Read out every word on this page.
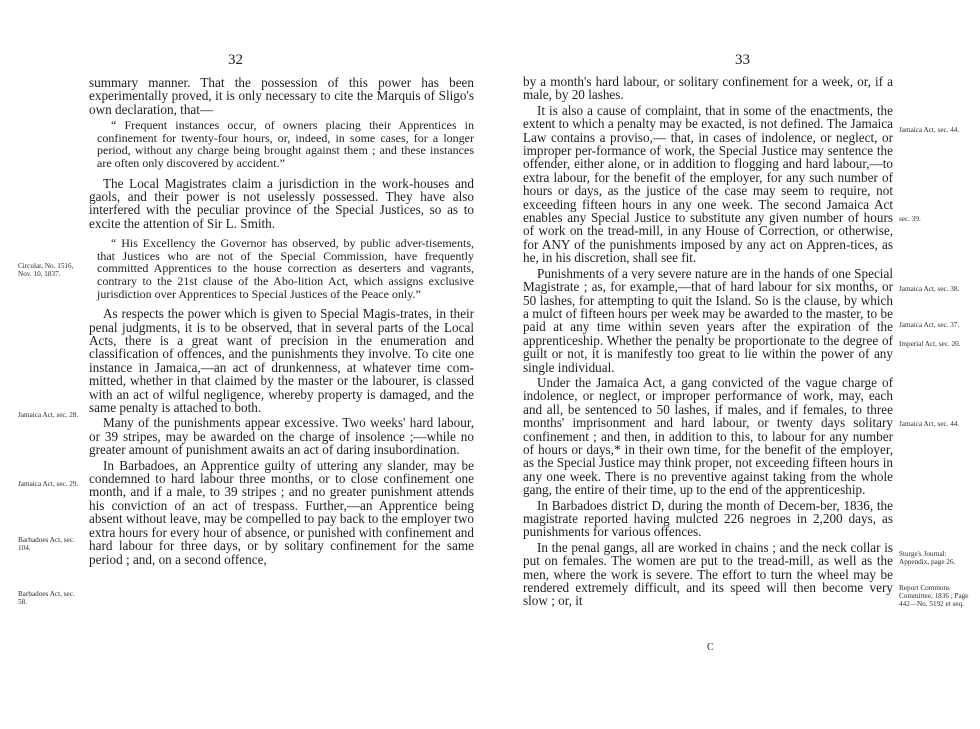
32

summary manner. That the possession of this power has been experimentally proved, it is only necessary to cite the Marquis of Sligo's own declaration, that—

“ Frequent instances occur, of owners placing their Apprentices in confinement for twenty-four hours, or, indeed, in some cases, for a longer period, without any charge being brought against them ; and these instances are often only discovered by accident.”

The Local Magistrates claim a jurisdiction in the work-houses and gaols, and their power is not uselessly possessed. They have also interfered with the peculiar province of the Special Justices, so as to excite the attention of Sir L. Smith.

“ His Excellency the Governor has observed, by public adver-tisements, that Justices who are not of the Special Commission, have frequently committed Apprentices to the house correction as deserters and vagrants, contrary to the 21st clause of the Abo-lition Act, which assigns exclusive jurisdiction over Apprentices to Special Justices of the Peace only.”

As respects the power which is given to Special Magis-trates, in their penal judgments, it is to be observed, that in several parts of the Local Acts, there is a great want of precision in the enumeration and classification of offences, and the punishments they involve. To cite one instance in Jamaica,—an act of drunkenness, at whatever time com-mitted, whether in that claimed by the master or the labourer, is classed with an act of wilful negligence, whereby property is damaged, and the same penalty is attached to both.

Many of the punishments appear excessive. Two weeks' hard labour, or 39 stripes, may be awarded on the charge of insolence ;—while no greater amount of punishment awaits an act of daring insubordination.

In Barbadoes, an Apprentice guilty of uttering any slander, may be condemned to hard labour three months, or to close confinement one month, and if a male, to 39 stripes ; and no greater punishment attends his conviction of an act of trespass. Further,—an Apprentice being absent without leave, may be compelled to pay back to the employer two extra hours for every hour of absence, or punished with confinement and hard labour for three days, or by solitary confinement for the same period ; and, on a second offence,

Circular, No. 1516, Nov. 10, 1837.
Jamaica Act, sec. 28.
Jamaica Act, sec. 29.
Barbadoes Act, sec. 104.
Barbadoes Act, sec. 58.
33

by a month's hard labour, or solitary confinement for a week, or, if a male, by 20 lashes.

It is also a cause of complaint, that in some of the enactments, the extent to which a penalty may be exacted, is not defined. The Jamaica Law contains a proviso,— that, in cases of indolence, or neglect, or improper per-formance of work, the Special Justice may sentence the offender, either alone, or in addition to flogging and hard labour,—to extra labour, for the benefit of the employer, for any such number of hours or days, as the justice of the case may seem to require, not exceeding fifteen hours in any one week. The second Jamaica Act enables any Special Justice to substitute any given number of hours of work on the tread-mill, in any House of Correction, or otherwise, for ANY of the punishments imposed by any act on Appren-tices, as he, in his discretion, shall see fit.

Punishments of a very severe nature are in the hands of one Special Magistrate ; as, for example,—that of hard labour for six months, or 50 lashes, for attempting to quit the Island. So is the clause, by which a mulct of fifteen hours per week may be awarded to the master, to be paid at any time within seven years after the expiration of the apprenticeship. Whether the penalty be proportionate to the degree of guilt or not, it is manifestly too great to lie within the power of any single individual.

Under the Jamaica Act, a gang convicted of the vague charge of indolence, or neglect, or improper performance of work, may, each and all, be sentenced to 50 lashes, if males, and if females, to three months' imprisonment and hard labour, or twenty days solitary confinement ; and then, in addition to this, to labour for any number of hours or days,* in their own time, for the benefit of the employer, as the Special Justice may think proper, not exceeding fifteen hours in any one week. There is no preventive against taking from the whole gang, the entire of their time, up to the end of the apprenticeship.

In Barbadoes district D, during the month of Decem-ber, 1836, the magistrate reported having mulcted 226 negroes in 2,200 days, as punishments for various offences.

In the penal gangs, all are worked in chains ; and the neck collar is put on females. The women are put to the tread-mill, as well as the men, where the work is severe. The effort to turn the wheel may be rendered extremely difficult, and its speed will then become very slow ; or, it

Jamaica Act, sec. 44.
sec. 39.
Jamaica Act, sec. 38.
Jamaica Act, sec. 37.
Imperial Act, sec. 20.
Jamaica Act, sec. 44.
Sturge's Journal: Appendix, page 26.
Report Commons Committee, 1836 ; Page 442—No. 5192 et seq.
C
